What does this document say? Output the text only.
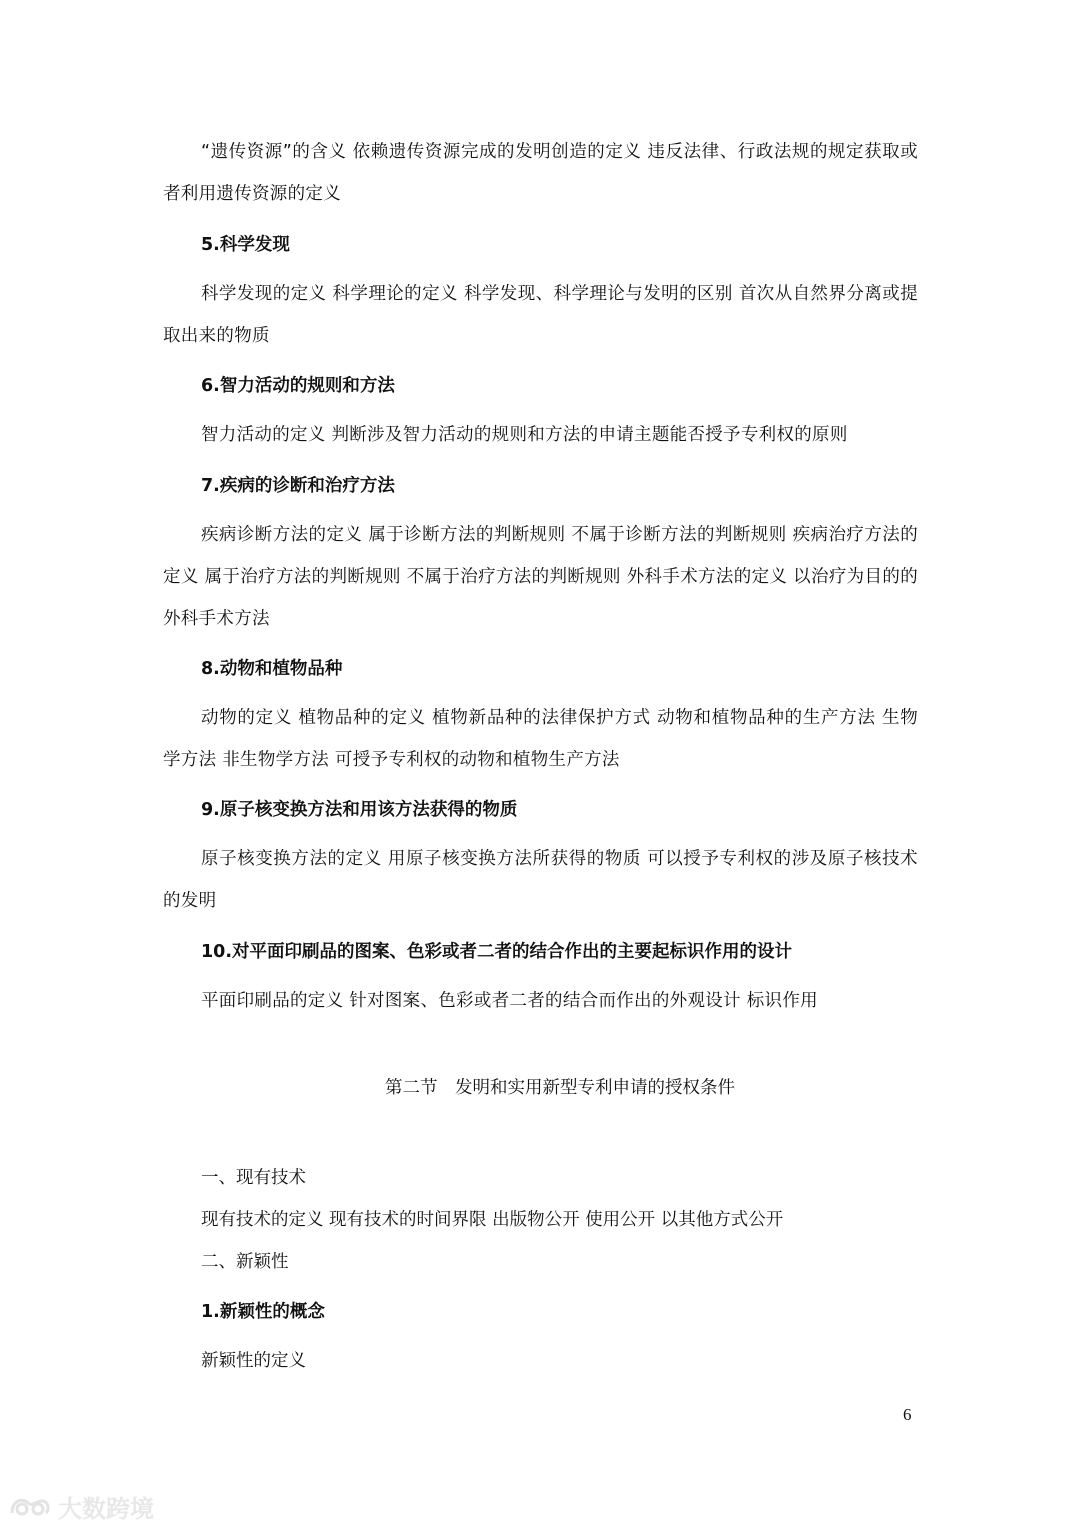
“遗传资源”的含义 依赖遗传资源完成的发明创造的定义 违反法律、行政法规的规定获取或者利用遗传资源的定义

5.科学发现

科学发现的定义 科学理论的定义 科学发现、科学理论与发明的区别 首次从自然界分离或提取出来的物质

6.智力活动的规则和方法

智力活动的定义 判断涉及智力活动的规则和方法的申请主题能否授予专利权的原则

7.疾病的诊断和治疗方法

疾病诊断方法的定义 属于诊断方法的判断规则 不属于诊断方法的判断规则 疾病治疗方法的定义 属于治疗方法的判断规则 不属于治疗方法的判断规则 外科手术方法的定义 以治疗为目的的外科手术方法

8.动物和植物品种

动物的定义 植物品种的定义 植物新品种的法律保护方式 动物和植物品种的生产方法 生物学方法 非生物学方法 可授予专利权的动物和植物生产方法

9.原子核变换方法和用该方法获得的物质

原子核变换方法的定义 用原子核变换方法所获得的物质 可以授予专利权的涉及原子核技术的发明

10.对平面印刷品的图案、色彩或者二者的结合作出的主要起标识作用的设计

平面印刷品的定义 针对图案、色彩或者二者的结合而作出的外观设计 标识作用

第二节　发明和实用新型专利申请的授权条件

一、现有技术

现有技术的定义 现有技术的时间界限 出版物公开 使用公开 以其他方式公开

二、新颖性

1.新颖性的概念

新颖性的定义

6
大数跨境
